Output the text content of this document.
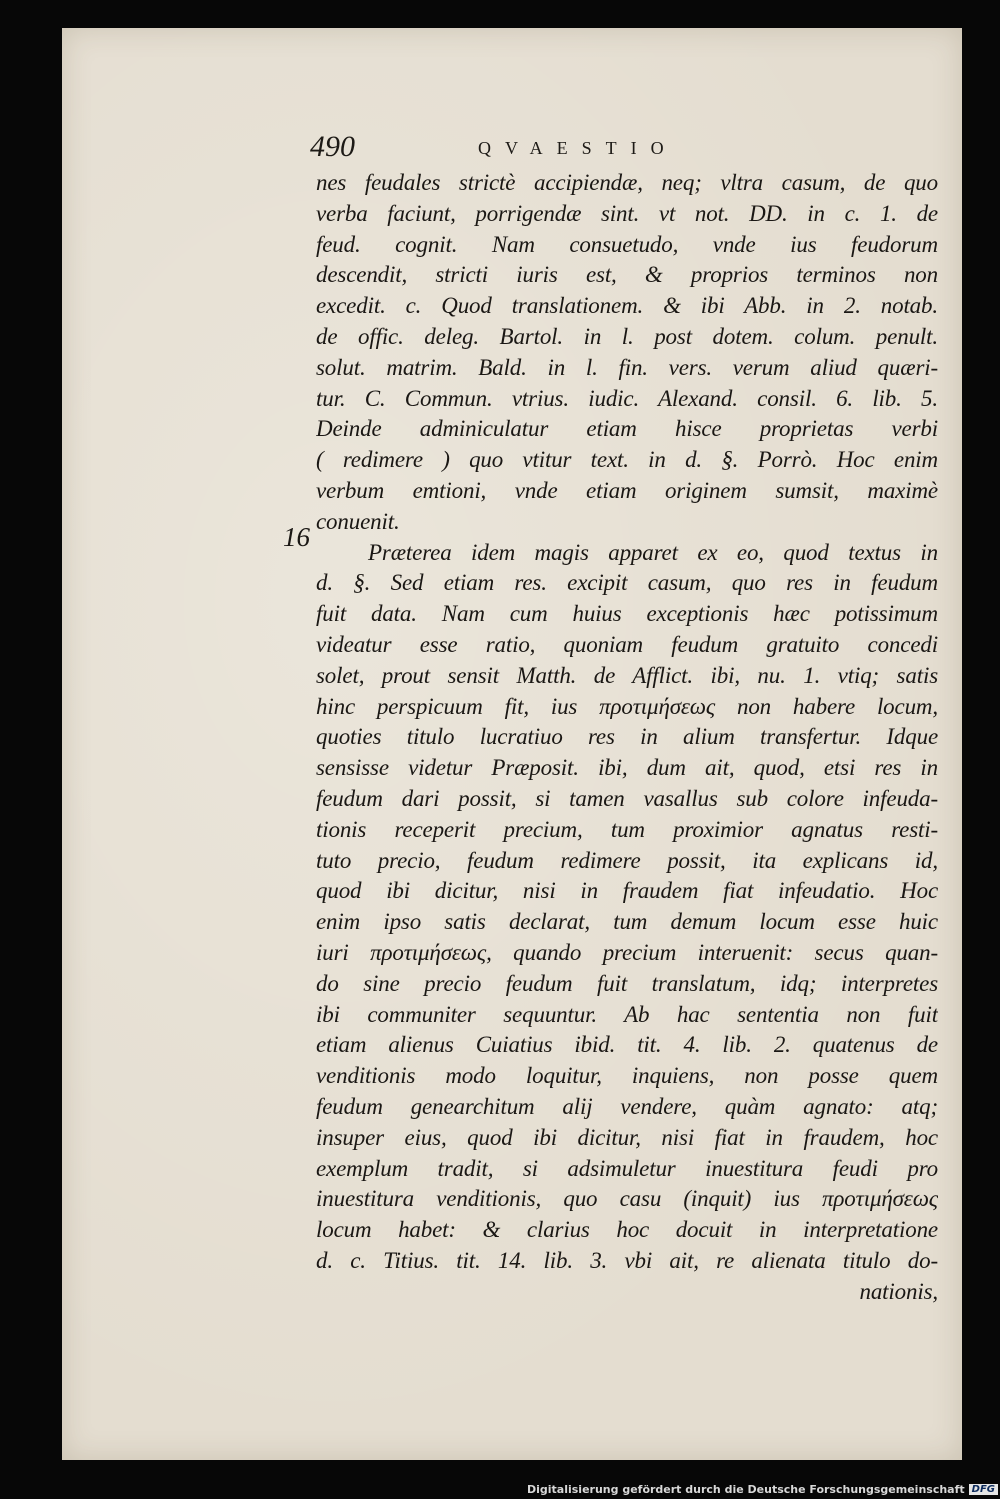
490	QVAESTIO
16
nes feudales strictè accipiendæ, neq; vltra casum, de quo
verba faciunt, porrigendæ sint. vt not. DD. in c. 1. de
feud. cognit. Nam consuetudo, vnde ius feudorum
descendit, stricti iuris est, & proprios terminos non
excedit. c. Quod translationem. & ibi Abb. in 2. notab.
de offic. deleg. Bartol. in l. post dotem. colum. penult.
solut. matrim. Bald. in l. fin. vers. verum aliud quæri-
tur. C. Commun. vtrius. iudic. Alexand. consil. 6. lib. 5.
Deinde adminiculatur etiam hisce proprietas verbi
( redimere ) quo vtitur text. in d. §. Porrò. Hoc enim
verbum emtioni, vnde etiam originem sumsit, maximè
conuenit.
Præterea idem magis apparet ex eo, quod textus in
d. §. Sed etiam res. excipit casum, quo res in feudum
fuit data. Nam cum huius exceptionis hæc potissimum
videatur esse ratio, quoniam feudum gratuito concedi
solet, prout sensit Matth. de Afflict. ibi, nu. 1. vtiq; satis
hinc perspicuum fit, ius προτιμήσεως non habere locum,
quoties titulo lucratiuo res in alium transfertur. Idque
sensisse videtur Præposit. ibi, dum ait, quod, etsi res in
feudum dari possit, si tamen vasallus sub colore infeuda-
tionis receperit precium, tum proximior agnatus resti-
tuto precio, feudum redimere possit, ita explicans id,
quod ibi dicitur, nisi in fraudem fiat infeudatio. Hoc
enim ipso satis declarat, tum demum locum esse huic
iuri προτιμήσεως, quando precium interuenit: secus quan-
do sine precio feudum fuit translatum, idq; interpretes
ibi communiter sequuntur. Ab hac sententia non fuit
etiam alienus Cuiatius ibid. tit. 4. lib. 2. quatenus de
venditionis modo loquitur, inquiens, non posse quem
feudum genearchitum alij vendere, quàm agnato: atq;
insuper eius, quod ibi dicitur, nisi fiat in fraudem, hoc
exemplum tradit, si adsimuletur inuestitura feudi pro
inuestitura venditionis, quo casu (inquit) ius προτιμήσεως
locum habet: & clarius hoc docuit in interpretatione
d. c. Titius. tit. 14. lib. 3. vbi ait, re alienata titulo do-
nationis,
Digitalisierung gefördert durch die Deutsche Forschungsgemeinschaft DFG
